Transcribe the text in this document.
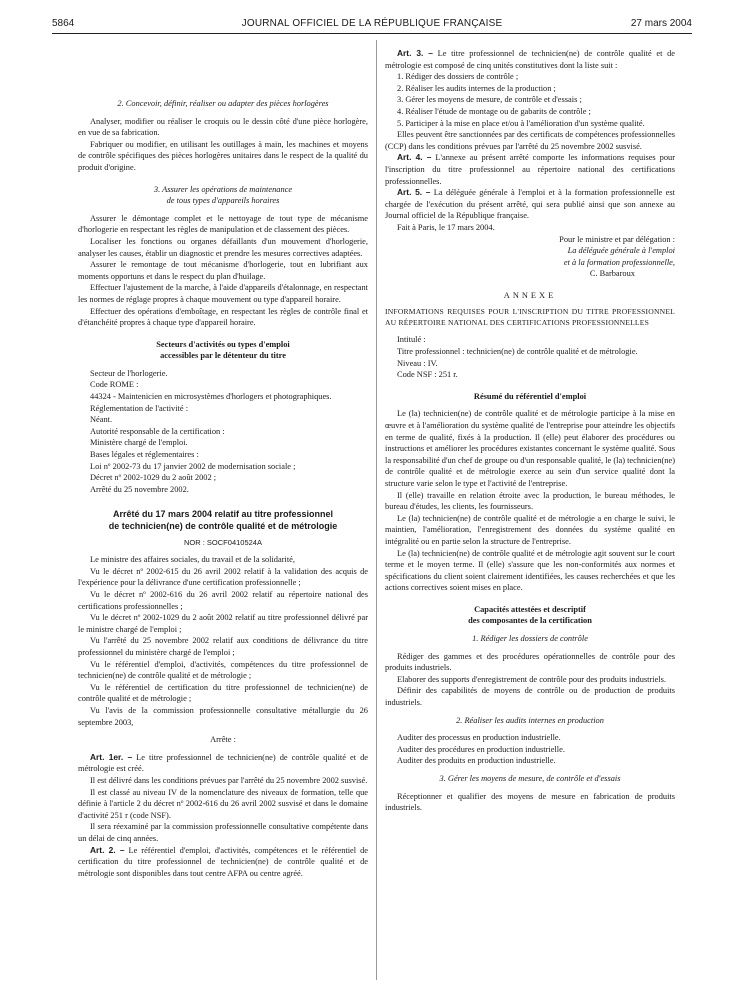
5864	JOURNAL OFFICIEL DE LA RÉPUBLIQUE FRANÇAISE	27 mars 2004

2. Concevoir, définir, réaliser ou adapter des pièces horlogères

Analyser, modifier ou réaliser le croquis ou le dessin côté d'une pièce horlogère, en vue de sa fabrication.

Fabriquer ou modifier, en utilisant les outillages à main, les machines et moyens de contrôle spécifiques des pièces horlogères unitaires dans le respect de la qualité du produit d'origine.

3. Assurer les opérations de maintenance

de tous types d'appareils horaires

Assurer le démontage complet et le nettoyage de tout type de mécanisme d'horlogerie en respectant les règles de manipulation et de classement des pièces.

Localiser les fonctions ou organes défaillants d'un mouvement d'horlogerie, analyser les causes, établir un diagnostic et prendre les mesures correctives adaptées.

Assurer le remontage de tout mécanisme d'horlogerie, tout en lubrifiant aux moments opportuns et dans le respect du plan d'huilage.

Effectuer l'ajustement de la marche, à l'aide d'appareils d'étalonnage, en respectant les normes de réglage propres à chaque mouvement ou type d'appareil horaire.

Effectuer des opérations d'emboîtage, en respectant les règles de contrôle final et d'étanchéité propres à chaque type d'appareil horaire.

Secteurs d'activités ou types d'emploi

accessibles par le détenteur du titre

Secteur de l'horlogerie.

Code ROME :

44324 - Maintenicien en microsystèmes d'horlogers et photographiques.

Réglementation de l'activité :

Néant.

Autorité responsable de la certification :

Ministère chargé de l'emploi.

Bases légales et réglementaires :

Loi nº 2002-73 du 17 janvier 2002 de modernisation sociale ;

Décret nº 2002-1029 du 2 août 2002 ;

Arrêté du 25 novembre 2002.

Arrêté du 17 mars 2004 relatif au titre professionnel

de technicien(ne) de contrôle qualité et de métrologie

NOR : SOCF0410524A

Le ministre des affaires sociales, du travail et de la solidarité,

Vu le décret nº 2002-615 du 26 avril 2002 relatif à la validation des acquis de l'expérience pour la délivrance d'une certification professionnelle ;

Vu le décret nº 2002-616 du 26 avril 2002 relatif au répertoire national des certifications professionnelles ;

Vu le décret nº 2002-1029 du 2 août 2002 relatif au titre professionnel délivré par le ministre chargé de l'emploi ;

Vu l'arrêté du 25 novembre 2002 relatif aux conditions de délivrance du titre professionnel du ministère chargé de l'emploi ;

Vu le référentiel d'emploi, d'activités, compétences du titre professionnel de technicien(ne) de contrôle qualité et de métrologie ;

Vu le référentiel de certification du titre professionnel de technicien(ne) de contrôle qualité et de métrologie ;

Vu l'avis de la commission professionnelle consultative métallurgie du 26 septembre 2003,

Arrête :

Art. 1er. – Le titre professionnel de technicien(ne) de contrôle qualité et de métrologie est créé.

Il est délivré dans les conditions prévues par l'arrêté du 25 novembre 2002 susvisé.

Il est classé au niveau IV de la nomenclature des niveaux de formation, telle que définie à l'article 2 du décret nº 2002-616 du 26 avril 2002 susvisé et dans le domaine d'activité 251 r (code NSF).

Il sera réexaminé par la commission professionnelle consultative compétente dans un délai de cinq années.

Art. 2. – Le référentiel d'emploi, d'activités, compétences et le référentiel de certification du titre professionnel de technicien(ne) de contrôle qualité et de métrologie sont disponibles dans tout centre AFPA ou centre agréé.

Art. 3. – Le titre professionnel de technicien(ne) de contrôle qualité et de métrologie est composé de cinq unités constitutives dont la liste suit :

1. Rédiger des dossiers de contrôle ;

2. Réaliser les audits internes de la production ;

3. Gérer les moyens de mesure, de contrôle et d'essais ;

4. Réaliser l'étude de montage ou de gabarits de contrôle ;

5. Participer à la mise en place et/ou à l'amélioration d'un système qualité.

Elles peuvent être sanctionnées par des certificats de compétences professionnelles (CCP) dans les conditions prévues par l'arrêté du 25 novembre 2002 susvisé.

Art. 4. – L'annexe au présent arrêté comporte les informations requises pour l'inscription du titre professionnel au répertoire national des certifications professionnelles.

Art. 5. – La déléguée générale à l'emploi et à la formation professionnelle est chargée de l'exécution du présent arrêté, qui sera publié ainsi que son annexe au Journal officiel de la République française.

Fait à Paris, le 17 mars 2004.

Pour le ministre et par délégation :

La déléguée générale à l'emploi

et à la formation professionnelle,

C. Barbaroux

ANNEXE

INFORMATIONS REQUISES POUR L'INSCRIPTION DU TITRE PROFESSIONNEL AU RÉPERTOIRE NATIONAL DES CERTIFICATIONS PROFESSIONNELLES

Intitulé :

Titre professionnel : technicien(ne) de contrôle qualité et de métrologie.

Niveau : IV.

Code NSF : 251 r.

Résumé du référentiel d'emploi

Le (la) technicien(ne) de contrôle qualité et de métrologie participe à la mise en œuvre et à l'amélioration du système qualité de l'entreprise pour atteindre les objectifs en terme de qualité, fixés à la production. Il (elle) peut élaborer des procédures ou instructions et améliorer les procédures existantes concernant le système qualité. Sous la responsabilité d'un chef de groupe ou d'un responsable qualité, le (la) technicien(ne) de contrôle qualité et de métrologie exerce au sein d'un service qualité dont la structure varie selon le type et l'activité de l'entreprise.

Il (elle) travaille en relation étroite avec la production, le bureau méthodes, le bureau d'études, les clients, les fournisseurs.

Le (la) technicien(ne) de contrôle qualité et de métrologie a en charge le suivi, le maintien, l'amélioration, l'enregistrement des données du système qualité en intégralité ou en partie selon la structure de l'entreprise.

Le (la) technicien(ne) de contrôle qualité et de métrologie agit souvent sur le court terme et le moyen terme. Il (elle) s'assure que les non-conformités aux normes et spécifications du client soient clairement identifiées, les causes recherchées et que les actions correctives soient mises en place.

Capacités attestées et descriptif

des composantes de la certification

1. Rédiger les dossiers de contrôle

Rédiger des gammes et des procédures opérationnelles de contrôle pour des produits industriels.

Elaborer des supports d'enregistrement de contrôle pour des produits industriels.

Définir des capabilités de moyens de contrôle ou de production de produits industriels.

2. Réaliser les audits internes en production

Auditer des processus en production industrielle.

Auditer des procédures en production industrielle.

Auditer des produits en production industrielle.

3. Gérer les moyens de mesure, de contrôle et d'essais

Réceptionner et qualifier des moyens de mesure en fabrication de produits industriels.
